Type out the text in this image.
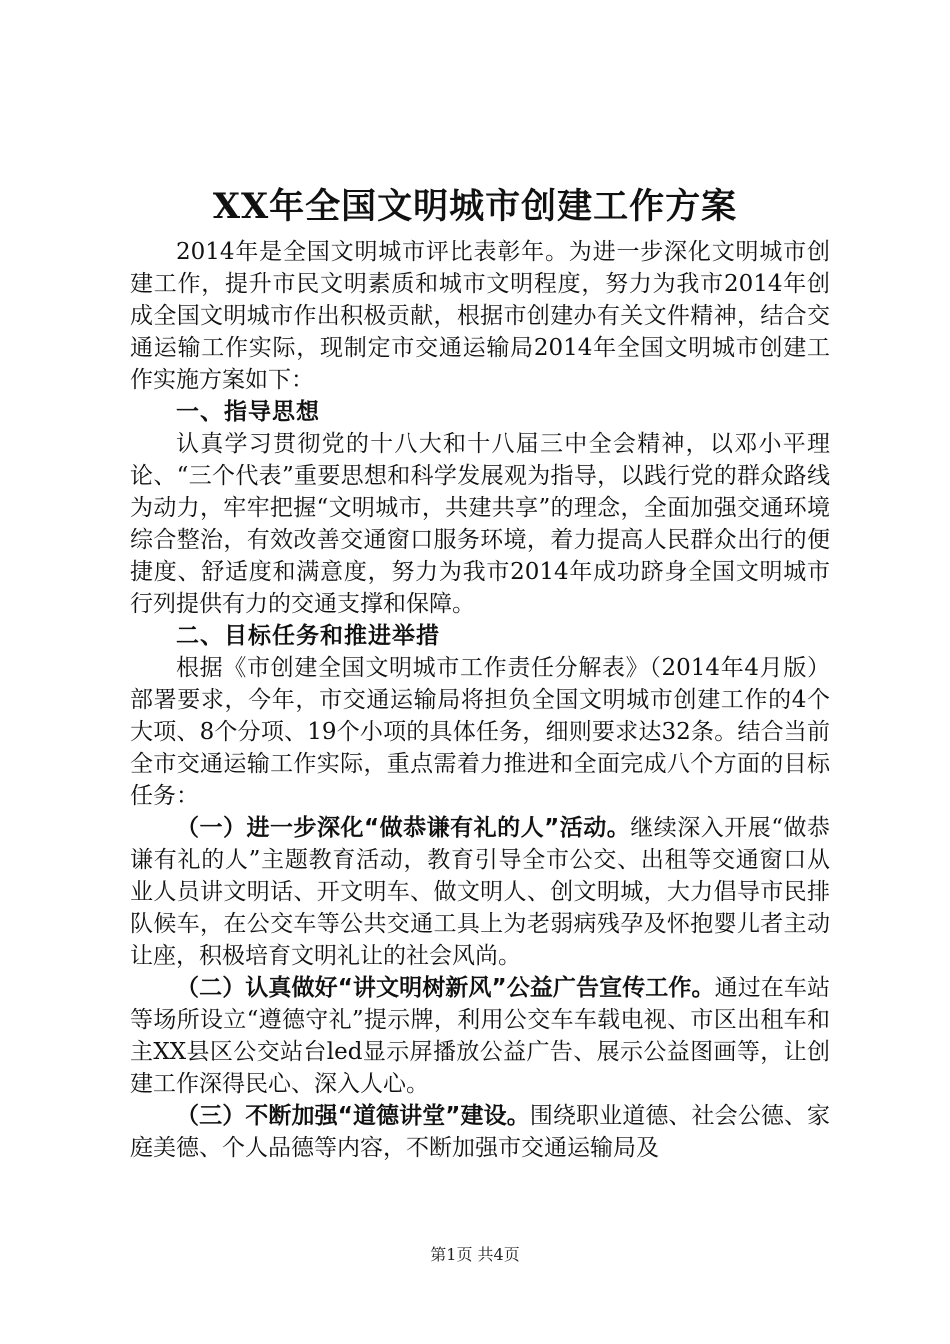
XX年全国文明城市创建工作方案

2014年是全国文明城市评比表彰年。为进一步深化文明城市创建工作，提升市民文明素质和城市文明程度，努力为我市2014年创成全国文明城市作出积极贡献，根据市创建办有关文件精神，结合交通运输工作实际，现制定市交通运输局2014年全国文明城市创建工作实施方案如下：

一、指导思想

认真学习贯彻党的十八大和十八届三中全会精神，以邓小平理论、“三个代表”重要思想和科学发展观为指导，以践行党的群众路线为动力，牢牢把握“文明城市，共建共享”的理念，全面加强交通环境综合整治，有效改善交通窗口服务环境，着力提高人民群众出行的便捷度、舒适度和满意度，努力为我市2014年成功跻身全国文明城市行列提供有力的交通支撑和保障。

二、目标任务和推进举措

根据《市创建全国文明城市工作责任分解表》（2014年4月版）部署要求，今年，市交通运输局将担负全国文明城市创建工作的4个大项、8个分项、19个小项的具体任务，细则要求达32条。结合当前全市交通运输工作实际，重点需着力推进和全面完成八个方面的目标任务：

（一）进一步深化“做恭谦有礼的人”活动。继续深入开展“做恭谦有礼的人”主题教育活动，教育引导全市公交、出租等交通窗口从业人员讲文明话、开文明车、做文明人、创文明城，大力倡导市民排队候车，在公交车等公共交通工具上为老弱病残孕及怀抱婴儿者主动让座，积极培育文明礼让的社会风尚。

（二）认真做好“讲文明树新风”公益广告宣传工作。通过在车站等场所设立“遵德守礼”提示牌，利用公交车车载电视、市区出租车和主XX县区公交站台led显示屏播放公益广告、展示公益图画等，让创建工作深得民心、深入人心。

（三）不断加强“道德讲堂”建设。围绕职业道德、社会公德、家庭美德、个人品德等内容，不断加强市交通运输局及

第1页 共4页
